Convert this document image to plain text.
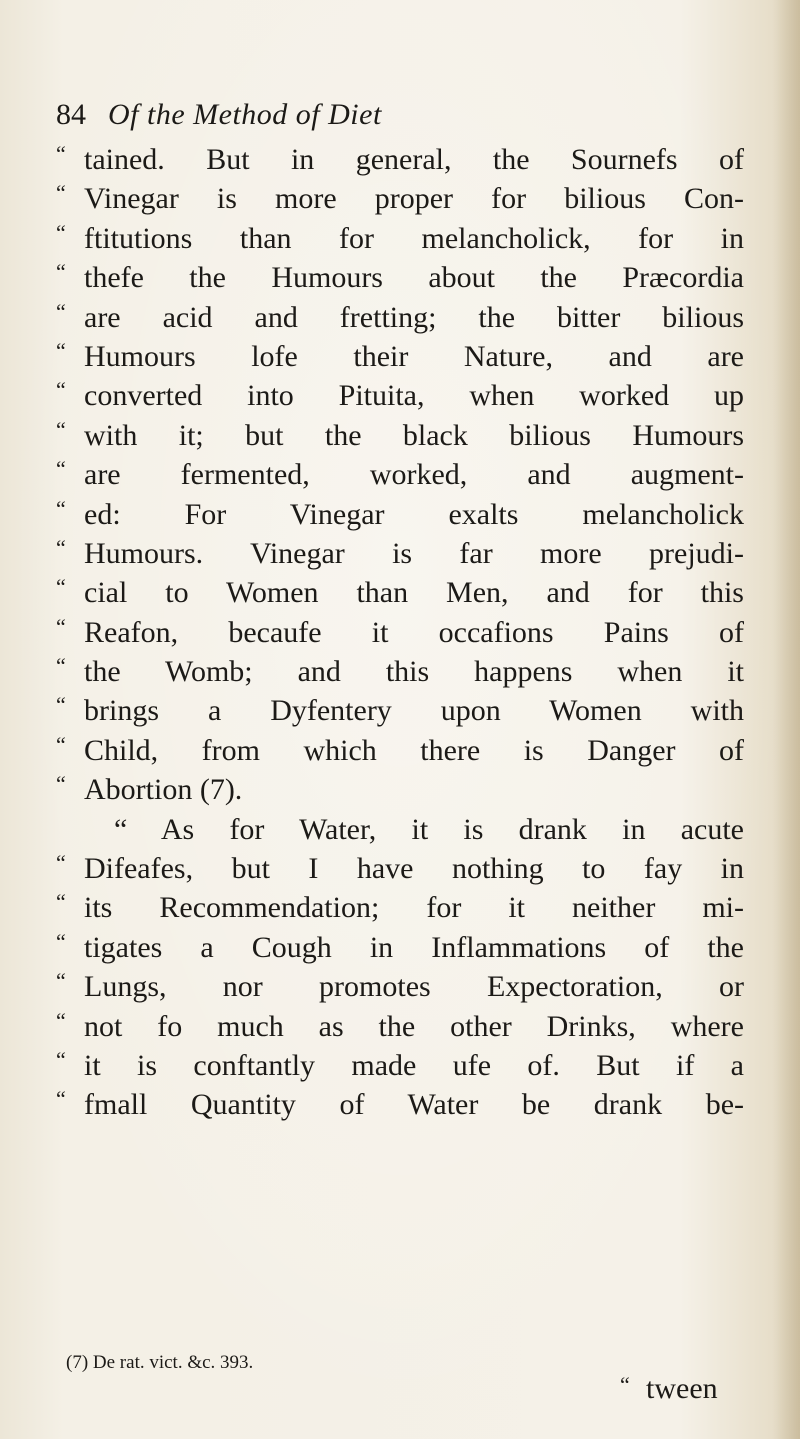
84 Of the Method of Diet
“ tained. But in general, the Sournefs of
“ Vinegar is more proper for bilious Con-
“ ftitutions than for melancholick, for in
“ thefe the Humours about the Præcordia
“ are acid and fretting; the bitter bilious
“ Humours lofe their Nature, and are
“ converted into Pituita, when worked up
“ with it; but the black bilious Humours
“ are fermented, worked, and augment-
“ ed: For Vinegar exalts melancholick
“ Humours. Vinegar is far more prejudi-
“ cial to Women than Men, and for this
“ Reafon, becaufe it occafions Pains of
“ the Womb; and this happens when it
“ brings a Dyfentery upon Women with
“ Child, from which there is Danger of
“ Abortion (7).
“ As for Water, it is drank in acute
“ Difeafes, but I have nothing to fay in
“ its Recommendation; for it neither mi-
“ tigates a Cough in Inflammations of the
“ Lungs, nor promotes Expectoration, or
“ not fo much as the other Drinks, where
“ it is conftantly made ufe of. But if a
“ fmall Quantity of Water be drank be-
(7) De rat. vict. &c. 393.
“ tween
